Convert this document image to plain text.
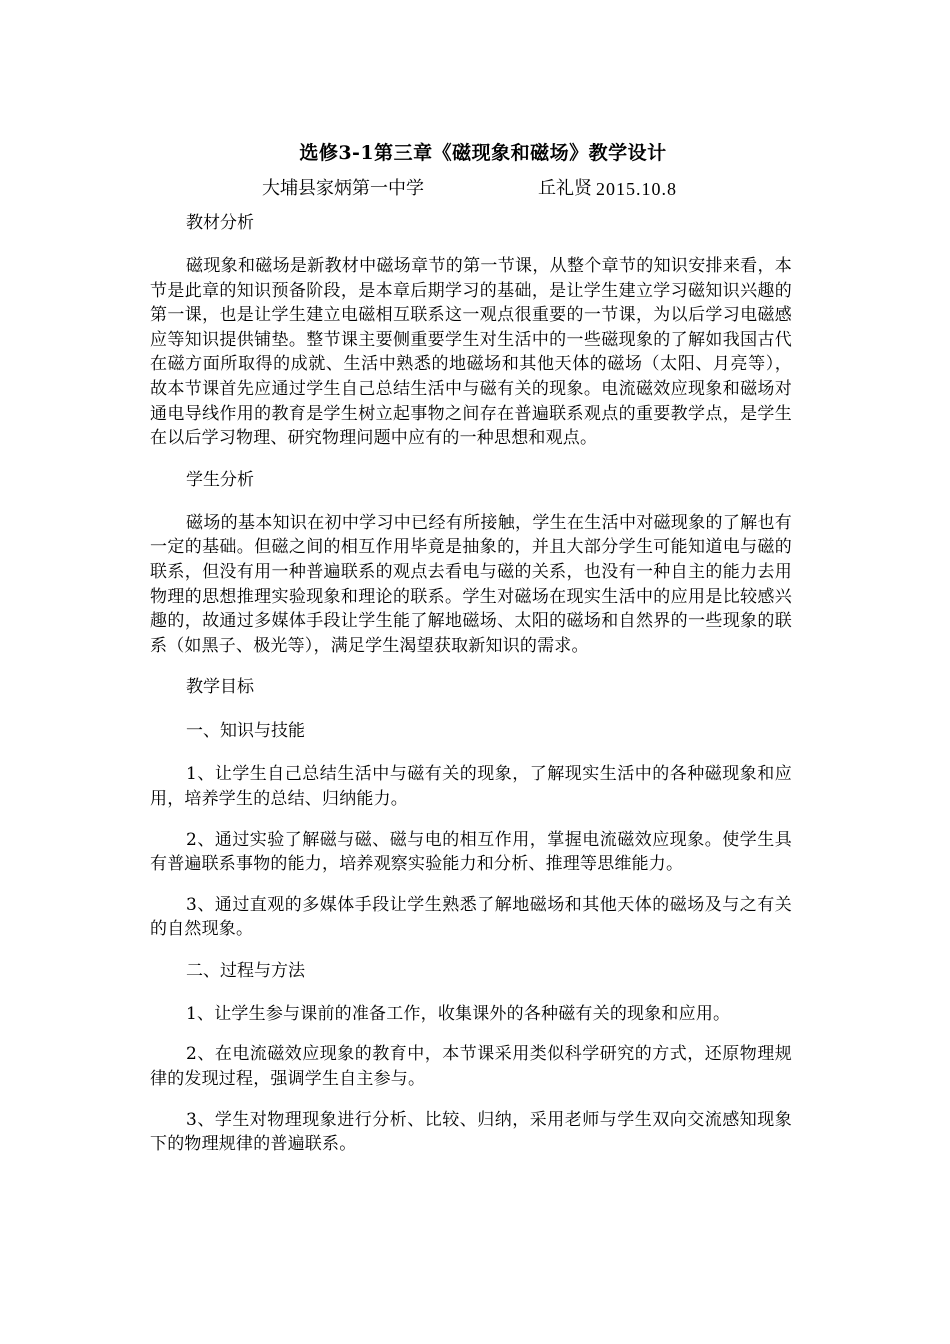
选修3-1第三章《磁现象和磁场》教学设计
大埔县家炳第一中学	丘礼贤 2015.10.8
教材分析
磁现象和磁场是新教材中磁场章节的第一节课，从整个章节的知识安排来看，本节是此章的知识预备阶段，是本章后期学习的基础，是让学生建立学习磁知识兴趣的第一课，也是让学生建立电磁相互联系这一观点很重要的一节课，为以后学习电磁感应等知识提供铺垫。整节课主要侧重要学生对生活中的一些磁现象的了解如我国古代在磁方面所取得的成就、生活中熟悉的地磁场和其他天体的磁场（太阳、月亮等），故本节课首先应通过学生自己总结生活中与磁有关的现象。电流磁效应现象和磁场对通电导线作用的教育是学生树立起事物之间存在普遍联系观点的重要教学点，是学生在以后学习物理、研究物理问题中应有的一种思想和观点。
学生分析
磁场的基本知识在初中学习中已经有所接触，学生在生活中对磁现象的了解也有一定的基础。但磁之间的相互作用毕竟是抽象的，并且大部分学生可能知道电与磁的联系，但没有用一种普遍联系的观点去看电与磁的关系，也没有一种自主的能力去用物理的思想推理实验现象和理论的联系。学生对磁场在现实生活中的应用是比较感兴趣的，故通过多媒体手段让学生能了解地磁场、太阳的磁场和自然界的一些现象的联系（如黑子、极光等），满足学生渴望获取新知识的需求。
教学目标
一、知识与技能
1、让学生自己总结生活中与磁有关的现象，了解现实生活中的各种磁现象和应用，培养学生的总结、归纳能力。
2、通过实验了解磁与磁、磁与电的相互作用，掌握电流磁效应现象。使学生具有普遍联系事物的能力，培养观察实验能力和分析、推理等思维能力。
3、通过直观的多媒体手段让学生熟悉了解地磁场和其他天体的磁场及与之有关的自然现象。
二、过程与方法
1、让学生参与课前的准备工作，收集课外的各种磁有关的现象和应用。
2、在电流磁效应现象的教育中，本节课采用类似科学研究的方式，还原物理规律的发现过程，强调学生自主参与。
3、学生对物理现象进行分析、比较、归纳，采用老师与学生双向交流感知现象下的物理规律的普遍联系。
